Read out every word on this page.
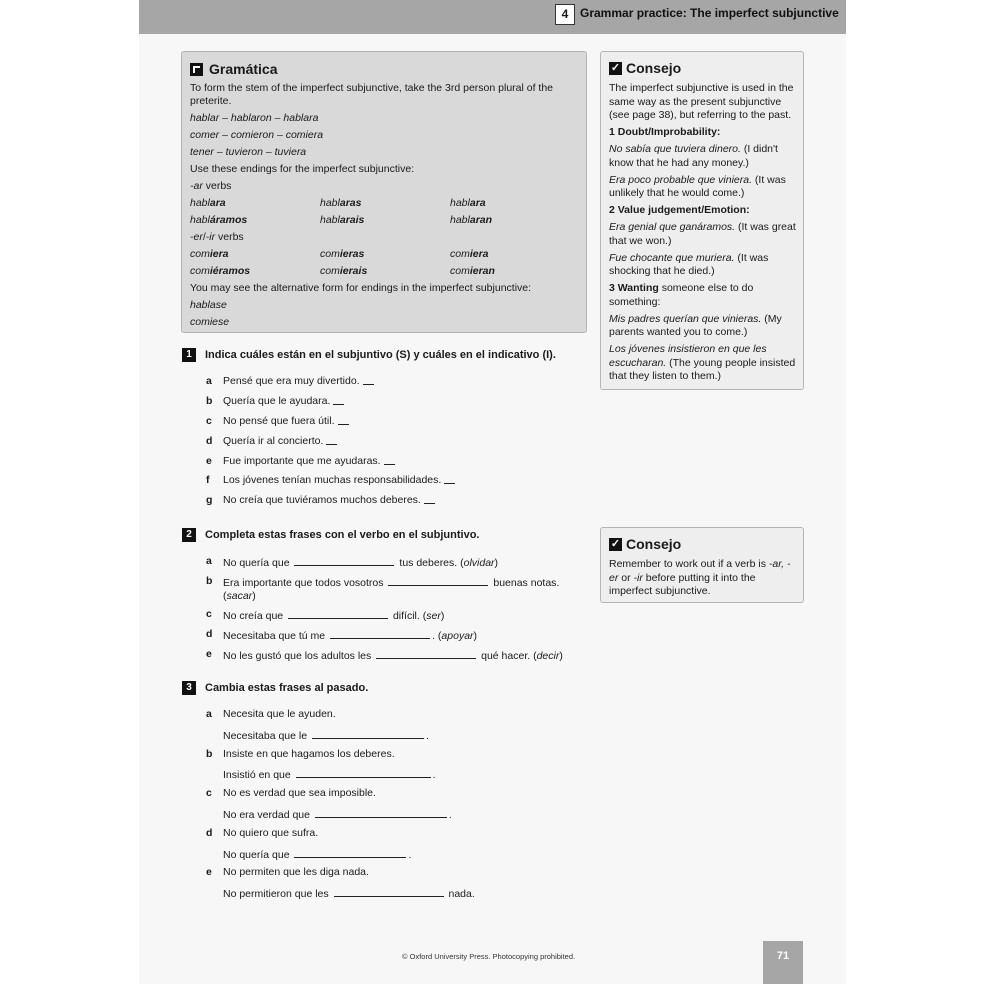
4 Grammar practice: The imperfect subjunctive
Gramática
To form the stem of the imperfect subjunctive, take the 3rd person plural of the preterite.
hablar – hablaron – hablara
comer – comieron – comiera
tener – tuvieron – tuviera
Use these endings for the imperfect subjunctive:
-ar verbs
hablara	hablaras	hablara
habláramos	hablarais	hablaran
-er/-ir verbs
comiera	comieras	comiera
comiéramos	comierais	comieran
You may see the alternative form for endings in the imperfect subjunctive:
hablase
comiese
✓ Consejo

The imperfect subjunctive is used in the same way as the present subjunctive (see page 38), but referring to the past.

1 Doubt/Improbability:

No sabía que tuviera dinero. (I didn't know that he had any money.)

Era poco probable que viniera. (It was unlikely that he would come.)

2 Value judgement/Emotion:

Era genial que ganáramos. (It was great that we won.)

Fue chocante que muriera. (It was shocking that he died.)

3 Wanting someone else to do something:

Mis padres querían que vinieras. (My parents wanted you to come.)

Los jóvenes insistieron en que les escucharan. (The young people insisted that they listen to them.)

1	Indica cuáles están en el subjuntivo (S) y cuáles en el indicativo (I).
a	Pensé que era muy divertido.
b	Quería que le ayudara.
c	No pensé que fuera útil.
d	Quería ir al concierto.
e	Fue importante que me ayudaras.
f	Los jóvenes tenían muchas responsabilidades.
g	No creía que tuviéramos muchos deberes.
✓ Consejo

Remember to work out if a verb is -ar, -er or -ir before putting it into the imperfect subjunctive.

2	Completa estas frases con el verbo en el subjuntivo.
a	No quería que	tus deberes. (olvidar)
b	Era importante que todos vosotros	buenas notas.
(sacar)
c	No creía que	difícil. (ser)
d	Necesitaba que tú me	. (apoyar)
e	No les gustó que los adultos les	qué hacer. (decir)
3	Cambia estas frases al pasado.
a	Necesita que le ayuden.
Necesitaba que le	.
b	Insiste en que hagamos los deberes.
Insistió en que	.
c	No es verdad que sea imposible.
No era verdad que	.
d	No quiero que sufra.
No quería que	.
e	No permiten que les diga nada.
No permitieron que les	nada.
© Oxford University Press. Photocopying prohibited.	71
